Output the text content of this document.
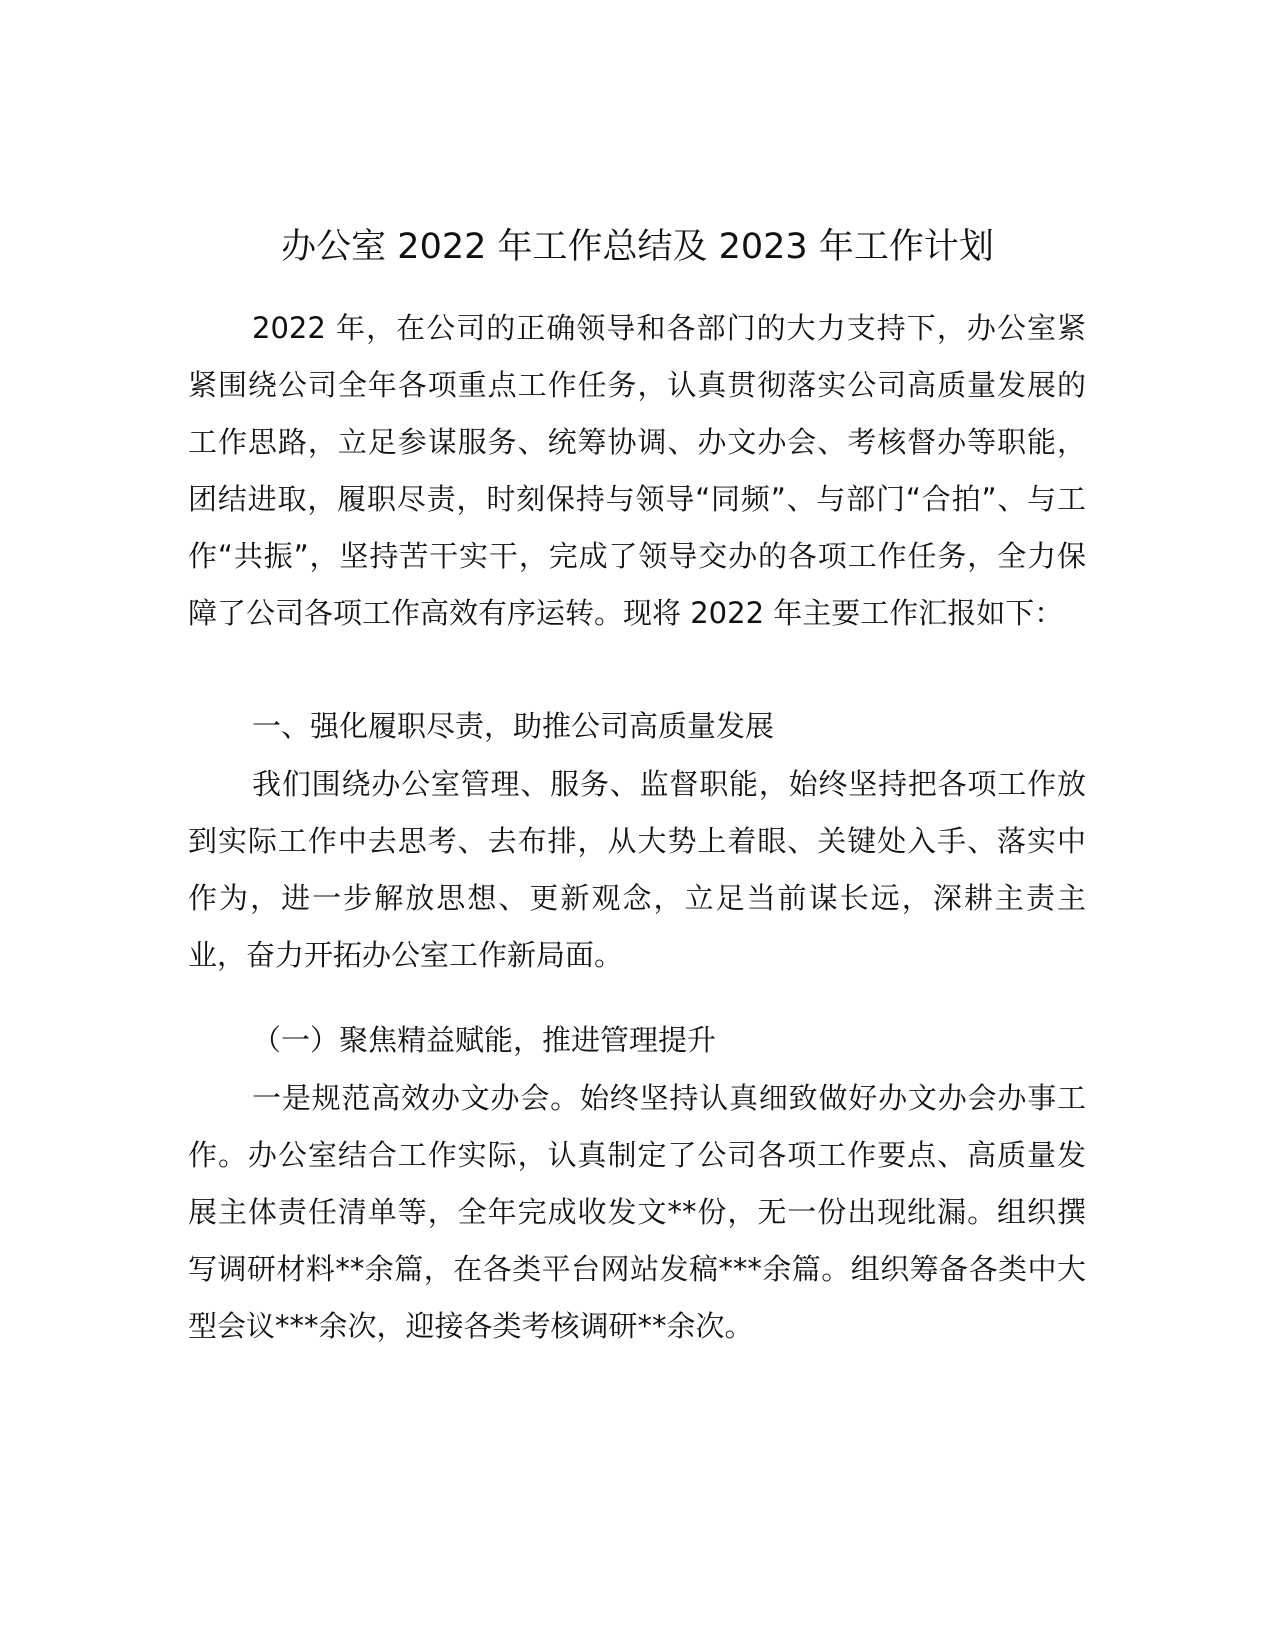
办公室 2022 年工作总结及 2023 年工作计划
2022 年，在公司的正确领导和各部门的大力支持下，办公室紧紧围绕公司全年各项重点工作任务，认真贯彻落实公司高质量发展的工作思路，立足参谋服务、统筹协调、办文办会、考核督办等职能，团结进取，履职尽责，时刻保持与领导“同频”、与部门“合拍”、与工作“共振”，坚持苦干实干，完成了领导交办的各项工作任务，全力保障了公司各项工作高效有序运转。现将 2022 年主要工作汇报如下：
一、强化履职尽责，助推公司高质量发展
我们围绕办公室管理、服务、监督职能，始终坚持把各项工作放到实际工作中去思考、去布排，从大势上着眼、关键处入手、落实中作为，进一步解放思想、更新观念，立足当前谋长远，深耕主责主业，奋力开拓办公室工作新局面。
（一）聚焦精益赋能，推进管理提升
一是规范高效办文办会。始终坚持认真细致做好办文办会办事工作。办公室结合工作实际，认真制定了公司各项工作要点、高质量发展主体责任清单等，全年完成收发文**份，无一份出现纰漏。组织撰写调研材料**余篇，在各类平台网站发稿***余篇。组织筹备各类中大型会议***余次，迎接各类考核调研**余次。
